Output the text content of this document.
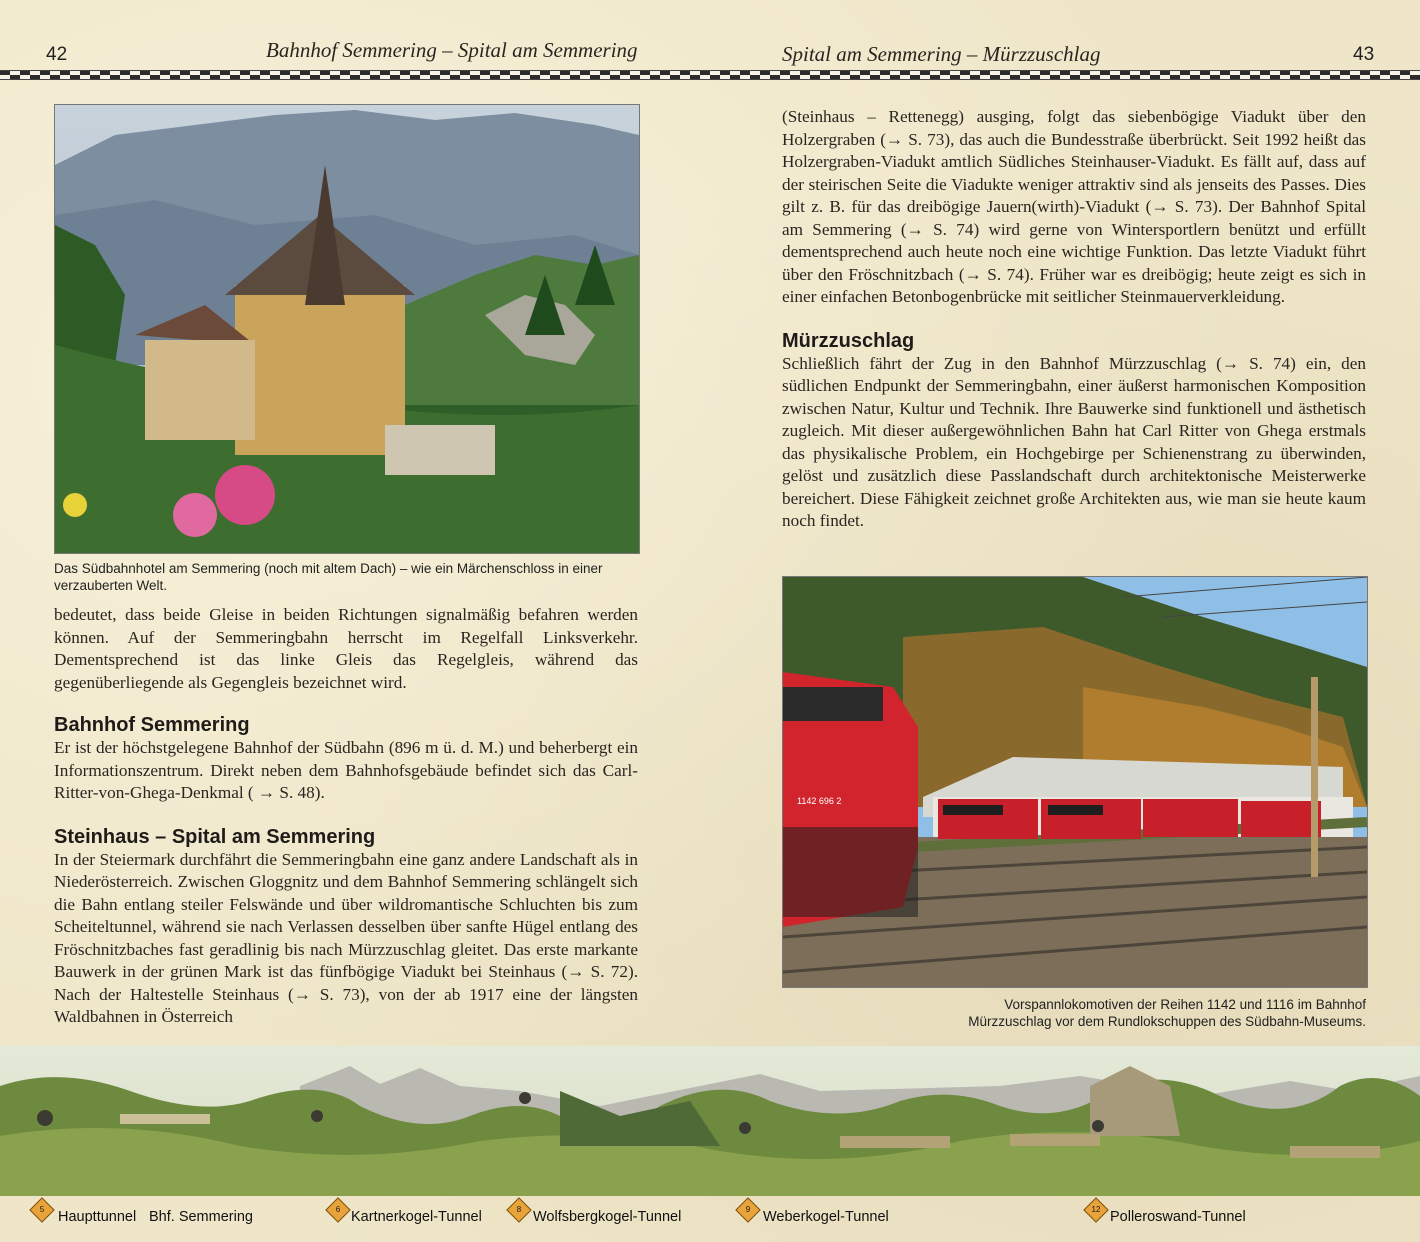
42	Bahnhof Semmering – Spital am Semmering	Spital am Semmering – Mürzzuschlag	43
Das Südbahnhotel am Semmering (noch mit altem Dach) – wie ein Märchenschloss in einer verzauberten Welt.

bedeutet, dass beide Gleise in beiden Richtungen signalmäßig befahren werden können. Auf der Semmeringbahn herrscht im Regelfall Linksverkehr. Dementsprechend ist das linke Gleis das Regelgleis, während das gegenüberliegende als Gegengleis bezeichnet wird.

Bahnhof Semmering

Er ist der höchstgelegene Bahnhof der Südbahn (896 m ü. d. M.) und beherbergt ein Informationszentrum. Direkt neben dem Bahnhofsgebäude befindet sich das Carl-Ritter-von-Ghega-Denkmal ( → S. 48).

Steinhaus – Spital am Semmering

In der Steiermark durchfährt die Semmeringbahn eine ganz andere Landschaft als in Niederösterreich. Zwischen Gloggnitz und dem Bahnhof Semmering schlängelt sich die Bahn entlang steiler Felswände und über wildromantische Schluchten bis zum Scheiteltunnel, während sie nach Verlassen desselben über sanfte Hügel entlang des Fröschnitzbaches fast geradlinig bis nach Mürzzuschlag gleitet. Das erste markante Bauwerk in der grünen Mark ist das fünfbögige Viadukt bei Steinhaus (→ S. 72). Nach der Haltestelle Steinhaus (→ S. 73), von der ab 1917 eine der längsten Waldbahnen in Österreich

(Steinhaus – Rettenegg) ausging, folgt das siebenbögige Viadukt über den Holzergraben (→ S. 73), das auch die Bundesstraße überbrückt. Seit 1992 heißt das Holzergraben-Viadukt amtlich Südliches Steinhauser-Viadukt. Es fällt auf, dass auf der steirischen Seite die Viadukte weniger attraktiv sind als jenseits des Passes. Dies gilt z. B. für das dreibögige Jauern(wirth)-Viadukt (→ S. 73). Der Bahnhof Spital am Semmering (→ S. 74) wird gerne von Wintersportlern benützt und erfüllt dementsprechend auch heute noch eine wichtige Funktion. Das letzte Viadukt führt über den Fröschnitzbach (→ S. 74). Früher war es dreibögig; heute zeigt es sich in einer einfachen Betonbogenbrücke mit seitlicher Steinmauerverkleidung.

Mürzzuschlag

Schließlich fährt der Zug in den Bahnhof Mürzzuschlag (→ S. 74) ein, den südlichen Endpunkt der Semmeringbahn, einer äußerst harmonischen Komposition zwischen Natur, Kultur und Technik. Ihre Bauwerke sind funktionell und ästhetisch zugleich. Mit dieser außergewöhnlichen Bahn hat Carl Ritter von Ghega erstmals das physikalische Problem, ein Hochgebirge per Schienenstrang zu überwinden, gelöst und zusätzlich diese Passlandschaft durch architektonische Meisterwerke bereichert. Diese Fähigkeit zeichnet große Architekten aus, wie man sie heute kaum noch findet.

1142 696 2
Vorspannlokomotiven der Reihen 1142 und 1116 im Bahnhof
Mürzzuschlag vor dem Rundlokschuppen des Südbahn-Museums.
5 Haupttunnel Bhf. Semmering	6 Kartnerkogel-Tunnel	8 Wolfsbergkogel-Tunnel	9 Weberkogel-Tunnel	12 Polleroswand-Tunnel
